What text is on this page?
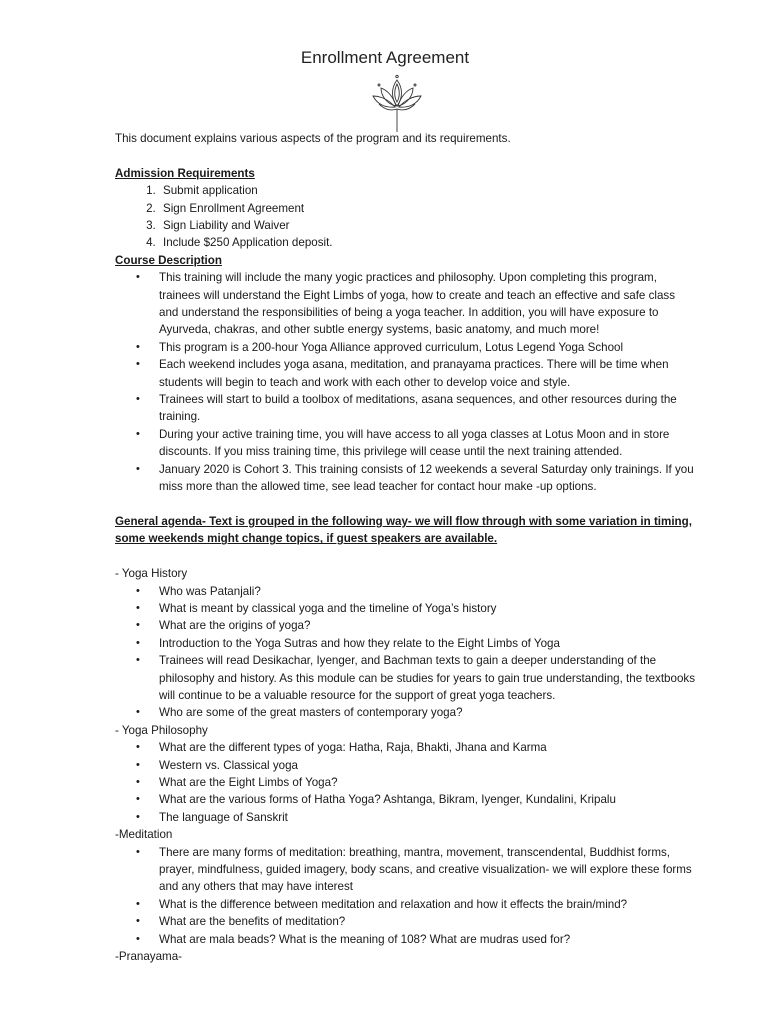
Enrollment Agreement

This document explains various aspects of the program and its requirements.

Admission Requirements

1. Submit application
2. Sign Enrollment Agreement
3. Sign Liability and Waiver
4. Include $250 Application deposit.

Course Description

• This training will include the many yogic practices and philosophy. Upon completing this program, trainees will understand the Eight Limbs of yoga, how to create and teach an effective and safe class and understand the responsibilities of being a yoga teacher. In addition, you will have exposure to Ayurveda, chakras, and other subtle energy systems, basic anatomy, and much more!
• This program is a 200-hour Yoga Alliance approved curriculum, Lotus Legend Yoga School
• Each weekend includes yoga asana, meditation, and pranayama practices. There will be time when students will begin to teach and work with each other to develop voice and style.
• Trainees will start to build a toolbox of meditations, asana sequences, and other resources during the training.
• During your active training time, you will have access to all yoga classes at Lotus Moon and in store discounts. If you miss training time, this privilege will cease until the next training attended.
• January 2020 is Cohort 3. This training consists of 12 weekends a several Saturday only trainings. If you miss more than the allowed time, see lead teacher for contact hour make -up options.

General agenda- Text is grouped in the following way- we will flow through with some variation in timing, some weekends might change topics, if guest speakers are available.

- Yoga History

• Who was Patanjali?
• What is meant by classical yoga and the timeline of Yoga’s history
• What are the origins of yoga?
• Introduction to the Yoga Sutras and how they relate to the Eight Limbs of Yoga
• Trainees will read Desikachar, Iyenger, and Bachman texts to gain a deeper understanding of the philosophy and history. As this module can be studies for years to gain true understanding, the textbooks will continue to be a valuable resource for the support of great yoga teachers.
• Who are some of the great masters of contemporary yoga?

- Yoga Philosophy

• What are the different types of yoga: Hatha, Raja, Bhakti, Jhana and Karma
• Western vs. Classical yoga
• What are the Eight Limbs of Yoga?
• What are the various forms of Hatha Yoga? Ashtanga, Bikram, Iyenger, Kundalini, Kripalu
• The language of Sanskrit

-Meditation

• There are many forms of meditation: breathing, mantra, movement, transcendental, Buddhist forms, prayer, mindfulness, guided imagery, body scans, and creative visualization- we will explore these forms and any others that may have interest
• What is the difference between meditation and relaxation and how it effects the brain/mind?
• What are the benefits of meditation?
• What are mala beads? What is the meaning of 108? What are mudras used for?

-Pranayama-
